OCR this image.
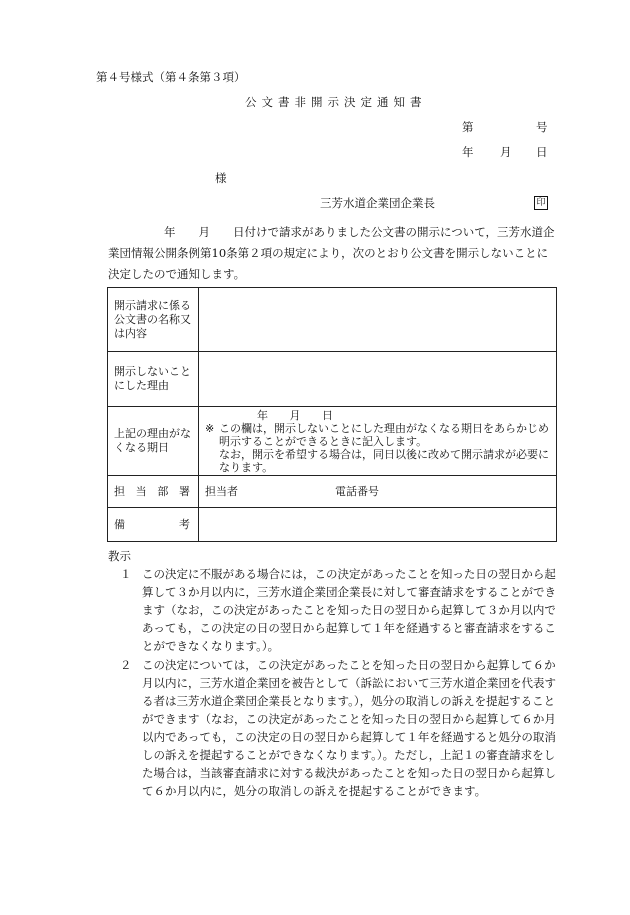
第４号様式（第４条第３項）
公文書非開示決定通知書
第	号
年 月 日
様
三芳水道企業団企業長	印
年　　月　　日付けで請求がありました公文書の開示について，三芳水道企業団情報公開条例第10条第２項の規定により，次のとおり公文書を開示しないことに決定したので通知します。
開示請求に係る公文書の名称又は内容	
開示しないことにした理由	
上記の理由がなくなる期日	年 月 日
※ この欄は，開示しないことにした理由がなくなる期日をあらかじめ明示することができるときに記入します。
なお，開示を希望する場合は，同日以後に改めて開示請求が必要になります。

担 当 部 署	担当者 電話番号

備 考	

教示
１ この決定に不服がある場合には，この決定があったことを知った日の翌日から起算して３か月以内に，三芳水道企業団企業長に対して審査請求をすることができます（なお，この決定があったことを知った日の翌日から起算して３か月以内であっても，この決定の日の翌日から起算して１年を経過すると審査請求をすることができなくなります。）。
２ この決定については，この決定があったことを知った日の翌日から起算して６か月以内に，三芳水道企業団を被告として（訴訟において三芳水道企業団を代表する者は三芳水道企業団企業長となります。），処分の取消しの訴えを提起することができます（なお，この決定があったことを知った日の翌日から起算して６か月以内であっても，この決定の日の翌日から起算して１年を経過すると処分の取消しの訴えを提起することができなくなります。）。ただし，上記１の審査請求をした場合は，当該審査請求に対する裁決があったことを知った日の翌日から起算して６か月以内に，処分の取消しの訴えを提起することができます。
